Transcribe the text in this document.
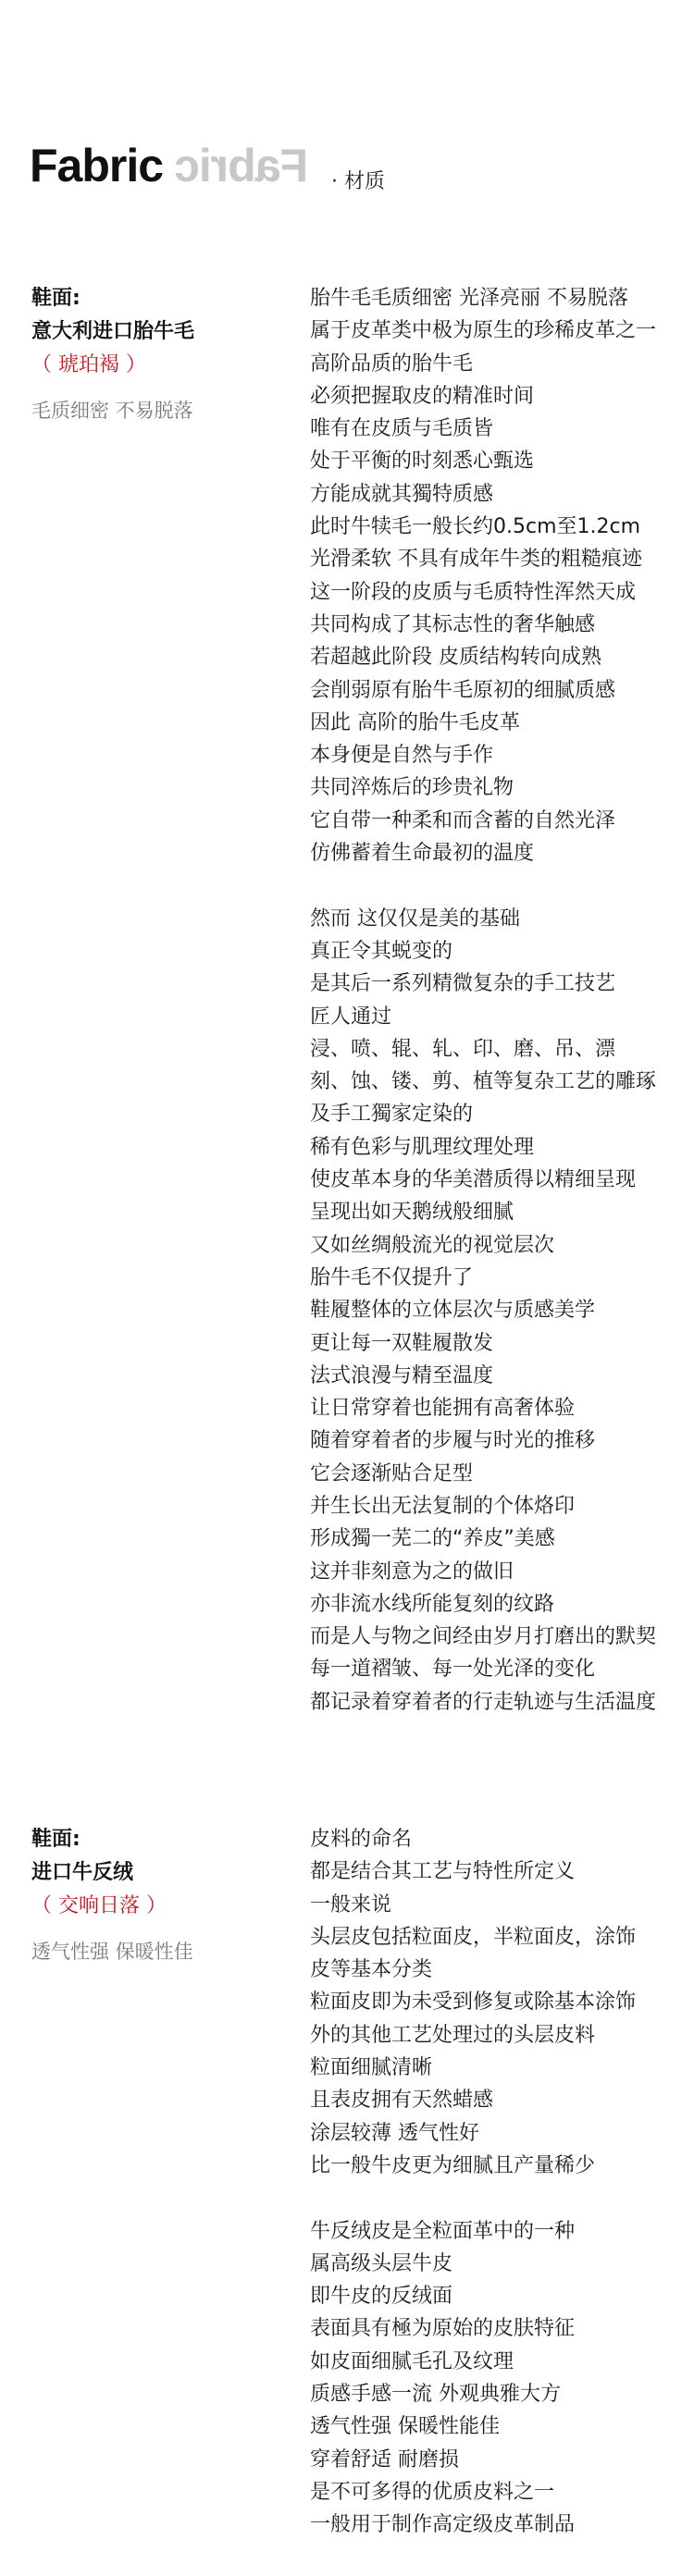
Fabric Fabric · 材质
鞋面:
意大利进口胎牛毛
（ 琥珀褐 ）
毛质细密 不易脱落
胎牛毛毛质细密 光泽亮丽 不易脱落
属于皮革类中极为原生的珍稀皮革之一
高阶品质的胎牛毛
必须把握取皮的精准时间
唯有在皮质与毛质皆
处于平衡的时刻悉心甄选
方能成就其獨特质感
此时牛犊毛一般长约0.5cm至1.2cm
光滑柔软 不具有成年牛类的粗糙痕迹
这一阶段的皮质与毛质特性浑然天成
共同构成了其标志性的奢华触感
若超越此阶段 皮质结构转向成熟
会削弱原有胎牛毛原初的细腻质感
因此 高阶的胎牛毛皮革
本身便是自然与手作
共同淬炼后的珍贵礼物
它自带一种柔和而含蓄的自然光泽
仿佛蓄着生命最初的温度
然而 这仅仅是美的基础
真正令其蜕变的
是其后一系列精微复杂的手工技艺
匠人通过
浸、喷、辊、轧、印、磨、吊、漂
刻、蚀、镂、剪、植等复杂工艺的雕琢
及手工獨家定染的
稀有色彩与肌理纹理处理
使皮革本身的华美潜质得以精细呈现
呈现出如天鹅绒般细腻
又如丝绸般流光的视觉层次
胎牛毛不仅提升了
鞋履整体的立体层次与质感美学
更让每一双鞋履散发
法式浪漫与精至温度
让日常穿着也能拥有高奢体验
随着穿着者的步履与时光的推移
它会逐渐贴合足型
并生长出无法复制的个体烙印
形成獨一芜二的“养皮”美感
这并非刻意为之的做旧
亦非流水线所能复刻的纹路
而是人与物之间经由岁月打磨出的默契
每一道褶皱、每一处光泽的变化
都记录着穿着者的行走轨迹与生活温度
鞋面:
进口牛反绒
（ 交响日落 ）
透气性强 保暖性佳
皮料的命名
都是结合其工艺与特性所定义
一般来说
头层皮包括粒面皮，半粒面皮，涂饰
皮等基本分类
粒面皮即为未受到修复或除基本涂饰
外的其他工艺处理过的头层皮料
粒面细腻清晰
且表皮拥有天然蜡感
涂层较薄 透气性好
比一般牛皮更为细腻且产量稀少
牛反绒皮是全粒面革中的一种
属高级头层牛皮
即牛皮的反绒面
表面具有極为原始的皮肤特征
如皮面细腻毛孔及纹理
质感手感一流 外观典雅大方
透气性强 保暖性能佳
穿着舒适 耐磨损
是不可多得的优质皮料之一
一般用于制作高定级皮革制品
